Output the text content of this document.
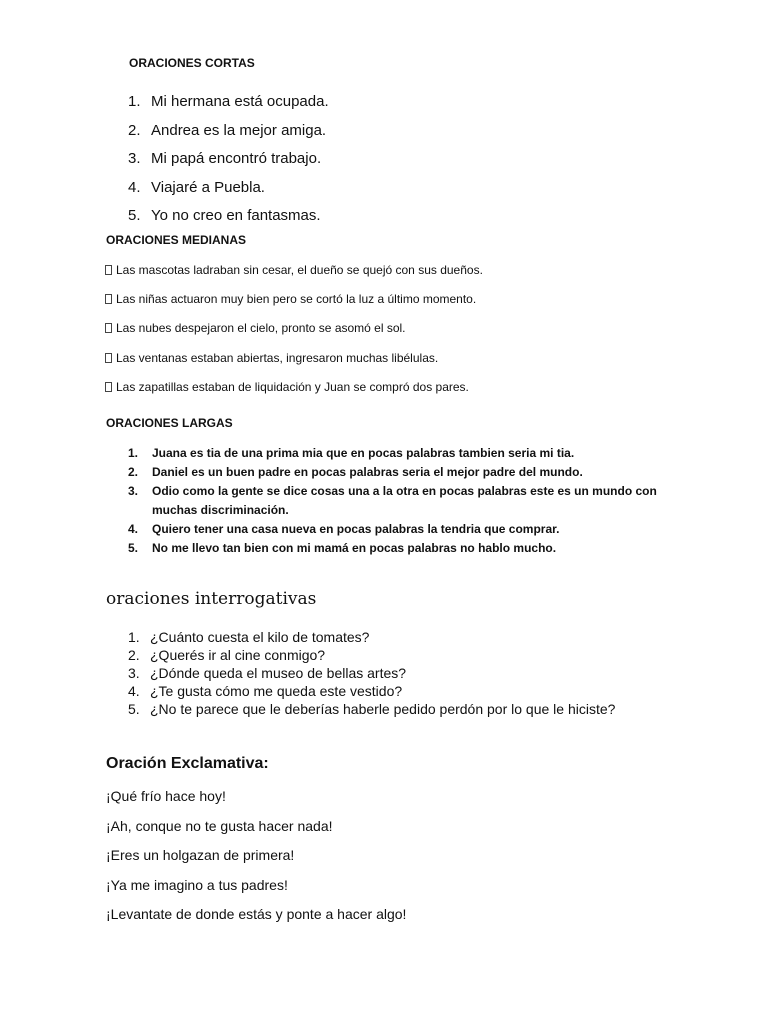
ORACIONES CORTAS
1. Mi hermana está ocupada.
2. Andrea es la mejor amiga.
3. Mi papá encontró trabajo.
4. Viajaré a Puebla.
5. Yo no creo en fantasmas.
ORACIONES MEDIANAS
Las mascotas ladraban sin cesar, el dueño se quejó con sus dueños.
Las niñas actuaron muy bien pero se cortó la luz a último momento.
Las nubes despejaron el cielo, pronto se asomó el sol.
Las ventanas estaban abiertas, ingresaron muchas libélulas.
Las zapatillas estaban de liquidación y Juan se compró dos pares.
ORACIONES LARGAS
1. Juana es tia de una prima mia que en pocas palabras tambien seria mi tia.
2. Daniel es un buen padre en pocas palabras seria el mejor padre del mundo.
3. Odio como la gente se dice cosas una a la otra en pocas palabras este es un mundo con muchas discriminación.
4. Quiero tener una casa nueva en pocas palabras la tendria que comprar.
5. No me llevo tan bien con mi mamá en pocas palabras no hablo mucho.
oraciones interrogativas
1. ¿Cuánto cuesta el kilo de tomates?
2. ¿Querés ir al cine conmigo?
3. ¿Dónde queda el museo de bellas artes?
4. ¿Te gusta cómo me queda este vestido?
5. ¿No te parece que le deberías haberle pedido perdón por lo que le hiciste?
Oración Exclamativa:
¡Qué frío hace hoy!
¡Ah, conque no te gusta hacer nada!
¡Eres un holgazan de primera!
¡Ya me imagino a tus padres!
¡Levantate de donde estás y ponte a hacer algo!
